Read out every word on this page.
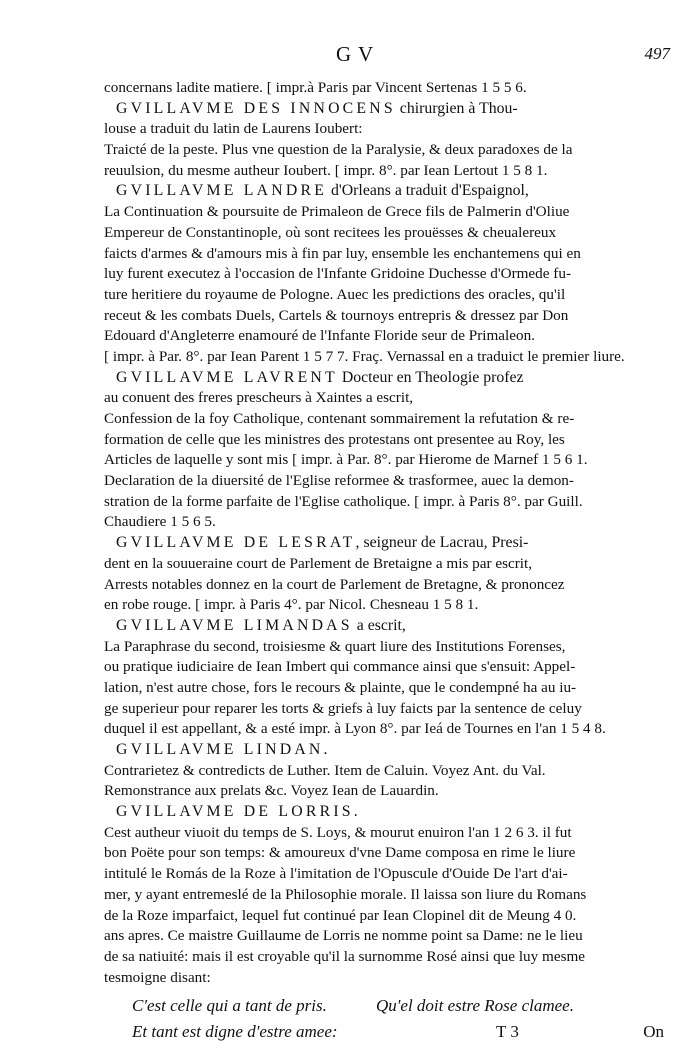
G V	497
concernans ladite matiere. [ impr.à Paris par Vincent Sertenas 1 5 5 6.
GVILLAVME DES INNOCENS chirurgien à Thou-
louse a traduit du latin de Laurens Ioubert:
Traicté de la peste. Plus vne question de la Paralysie, & deux paradoxes de la
reuulsion, du mesme autheur Ioubert. [ impr. 8°. par Iean Lertout 1 5 8 1.
GVILLAVME LANDRE d'Orleans a traduit d'Espaignol,
La Continuation & poursuite de Primaleon de Grece fils de Palmerin d'Oliue
Empereur de Constantinople, où sont recitees les prouësses & cheualereux
faicts d'armes & d'amours mis à fin par luy, ensemble les enchantemens qui en
luy furent executez à l'occasion de l'Infante Gridoine Duchesse d'Ormede fu-
ture heritiere du royaume de Pologne. Auec les predictions des oracles, qu'il
receut & les combats Duels, Cartels & tournoys entrepris & dressez par Don
Edouard d'Angleterre enamouré de l'Infante Floride seur de Primaleon.
[ impr. à Par. 8°. par Iean Parent 1 5 7 7. Fraç. Vernassal en a traduict le premier liure.
GVILLAVME LAVRENT Docteur en Theologie profez
au conuent des freres prescheurs à Xaintes a escrit,
Confession de la foy Catholique, contenant sommairement la refutation & re-
formation de celle que les ministres des protestans ont presentee au Roy, les
Articles de laquelle y sont mis [ impr. à Par. 8°. par Hierome de Marnef 1 5 6 1.
Declaration de la diuersité de l'Eglise reformee & trasformee, auec la demon-
stration de la forme parfaite de l'Eglise catholique. [ impr. à Paris 8°. par Guill.
Chaudiere 1 5 6 5.
GVILLAVME DE LESRAT, seigneur de Lacrau, Presi-
dent en la souueraine court de Parlement de Bretaigne a mis par escrit,
Arrests notables donnez en la court de Parlement de Bretagne, & prononcez
en robe rouge. [ impr. à Paris 4°. par Nicol. Chesneau 1 5 8 1.
GVILLAVME LIMANDAS a escrit,
La Paraphrase du second, troisiesme & quart liure des Institutions Forenses,
ou pratique iudiciaire de Iean Imbert qui commance ainsi que s'ensuit: Appel-
lation, n'est autre chose, fors le recours & plainte, que le condempné ha au iu-
ge superieur pour reparer les torts & griefs à luy faicts par la sentence de celuy
duquel il est appellant, & a esté impr. à Lyon 8°. par Ieá de Tournes en l'an 1 5 4 8.
GVILLAVME LINDAN.
Contrarietez & contredicts de Luther. Item de Caluin. Voyez Ant. du Val.
Remonstrance aux prelats &c. Voyez Iean de Lauardin.
GVILLAVME DE LORRIS.
Cest autheur viuoit du temps de S. Loys, & mourut enuiron l'an 1 2 6 3. il fut
bon Poëte pour son temps: & amoureux d'vne Dame composa en rime le liure
intitulé le Romás de la Roze à l'imitation de l'Opuscule d'Ouide De l'art d'ai-
mer, y ayant entremeslé de la Philosophie morale. Il laissa son liure du Romans
de la Roze imparfaict, lequel fut continué par Iean Clopinel dit de Meung 4 0.
ans apres. Ce maistre Guillaume de Lorris ne nomme point sa Dame: ne le lieu
de sa natiuité: mais il est croyable qu'il la surnomme Rosé ainsi que luy mesme
tesmoigne disant:
C'est celle qui a tant de pris.	Qu'el doit estre Rose clamee.
Et tant est digne d'estre amee:	T 3	On
